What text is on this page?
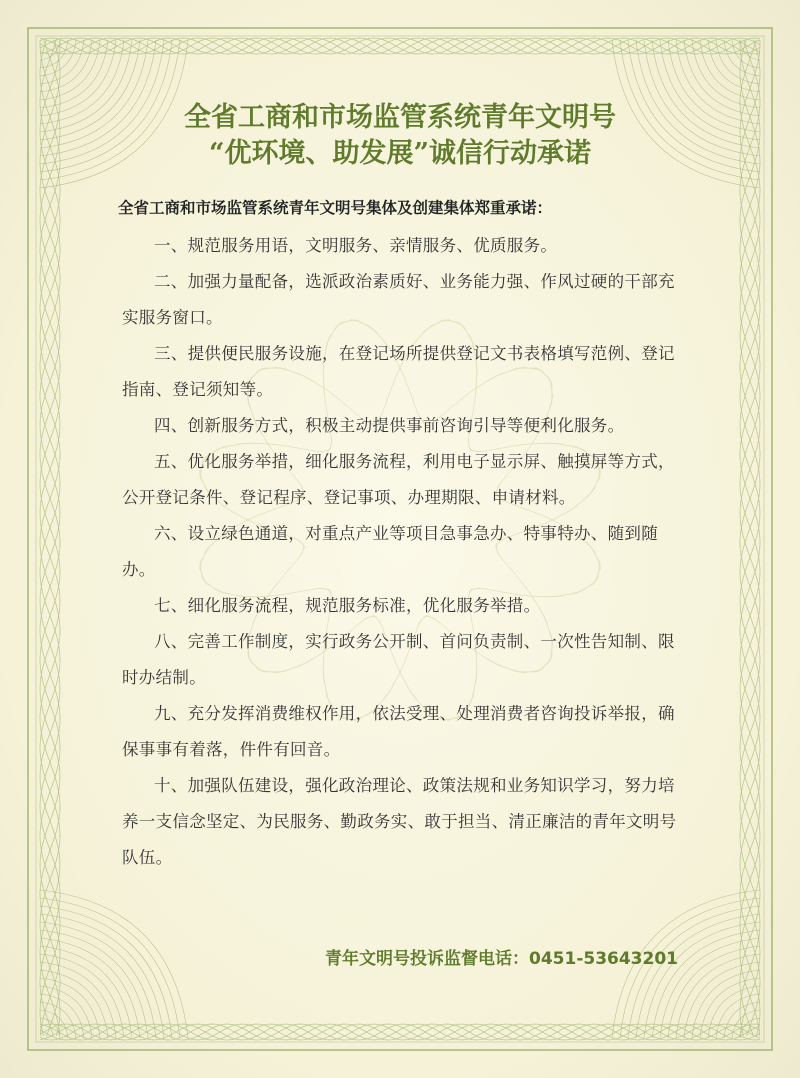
全省工商和市场监管系统青年文明号

“优环境、助发展”诚信行动承诺

全省工商和市场监管系统青年文明号集体及创建集体郑重承诺：

一、规范服务用语，文明服务、亲情服务、优质服务。

二、加强力量配备，选派政治素质好、业务能力强、作风过硬的干部充实服务窗口。

三、提供便民服务设施，在登记场所提供登记文书表格填写范例、登记指南、登记须知等。

四、创新服务方式，积极主动提供事前咨询引导等便利化服务。

五、优化服务举措，细化服务流程，利用电子显示屏、触摸屏等方式，公开登记条件、登记程序、登记事项、办理期限、申请材料。

六、设立绿色通道，对重点产业等项目急事急办、特事特办、随到随办。

七、细化服务流程，规范服务标准，优化服务举措。

八、完善工作制度，实行政务公开制、首问负责制、一次性告知制、限时办结制。

九、充分发挥消费维权作用，依法受理、处理消费者咨询投诉举报，确保事事有着落，件件有回音。

十、加强队伍建设，强化政治理论、政策法规和业务知识学习，努力培养一支信念坚定、为民服务、勤政务实、敢于担当、清正廉洁的青年文明号队伍。

青年文明号投诉监督电话：0451-53643201
